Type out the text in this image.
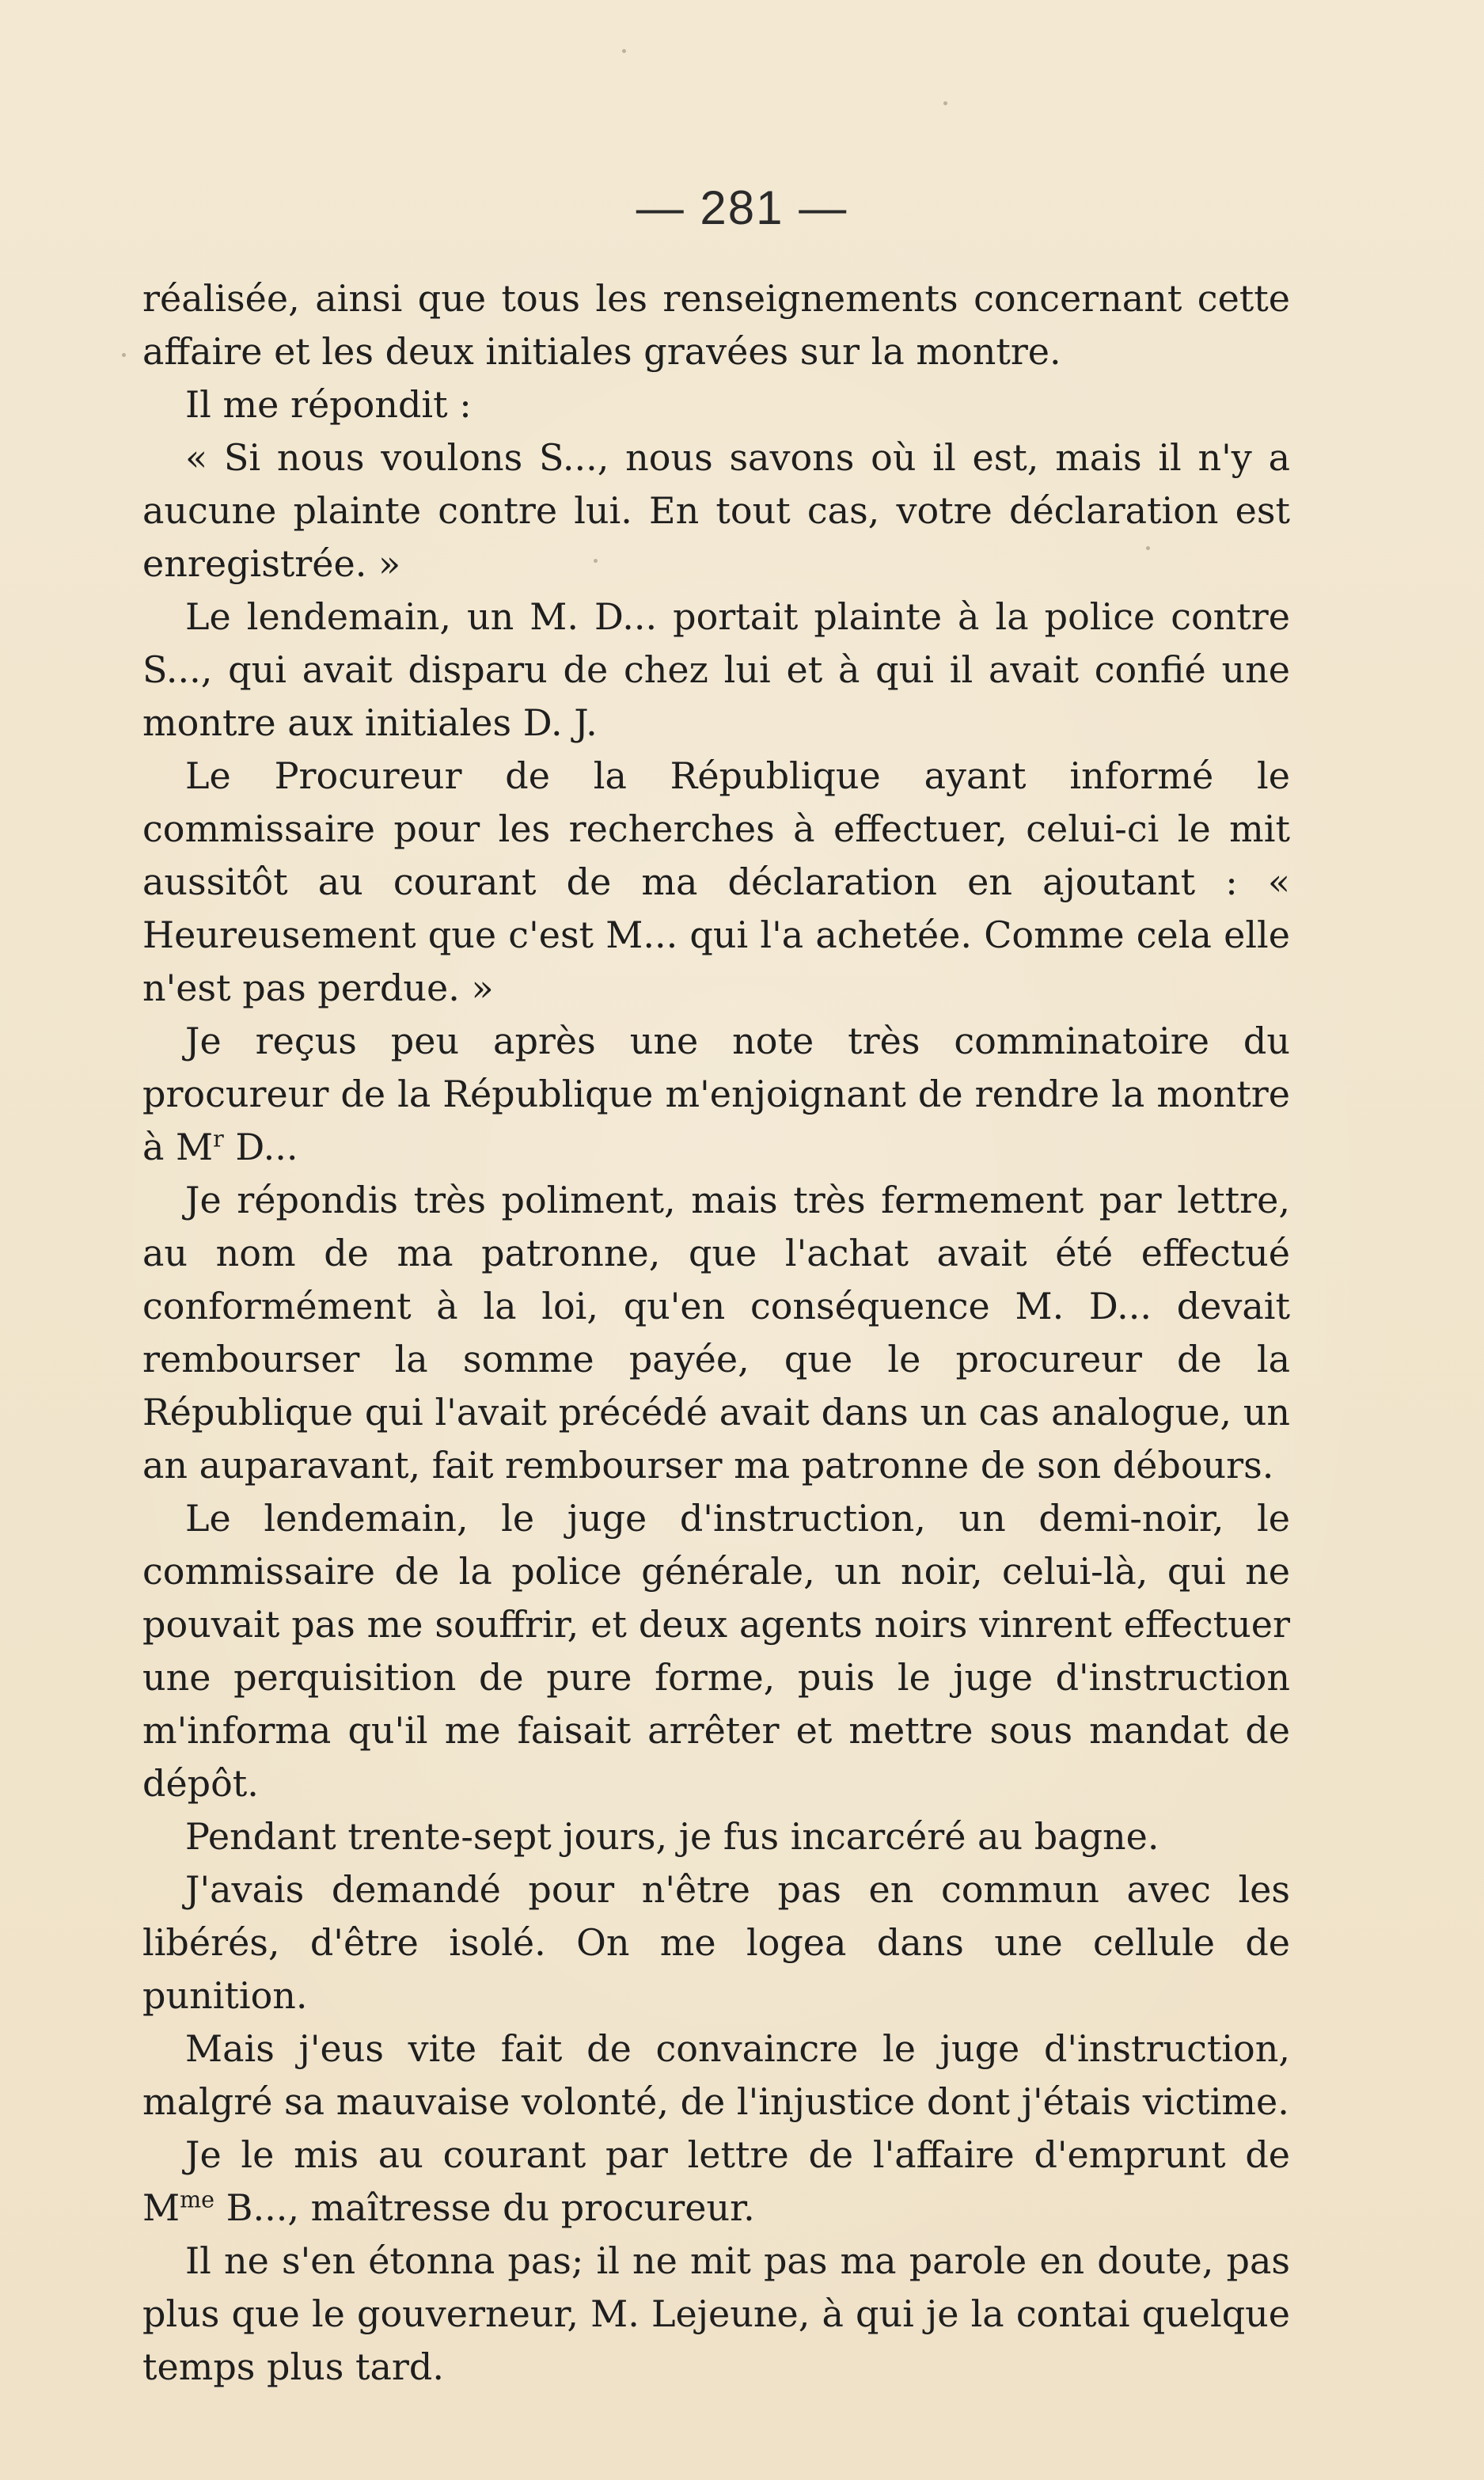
— 281 —

réalisée, ainsi que tous les renseignements concernant cette affaire et les deux initiales gravées sur la montre.

Il me répondit :

« Si nous voulons S..., nous savons où il est, mais il n'y a aucune plainte contre lui. En tout cas, votre déclaration est enregistrée. »

Le lendemain, un M. D... portait plainte à la police contre S..., qui avait disparu de chez lui et à qui il avait confié une montre aux initiales D. J.

Le Procureur de la République ayant informé le commissaire pour les recherches à effectuer, celui-ci le mit aussitôt au courant de ma déclaration en ajoutant : « Heureusement que c'est M... qui l'a achetée. Comme cela elle n'est pas perdue. »

Je reçus peu après une note très comminatoire du procureur de la République m'enjoignant de rendre la montre à $M^r$ D...

Je répondis très poliment, mais très fermement par lettre, au nom de ma patronne, que l'achat avait été effectué conformément à la loi, qu'en conséquence M. D... devait rembourser la somme payée, que le procureur de la République qui l'avait précédé avait dans un cas analogue, un an auparavant, fait rembourser ma patronne de son débours.

Le lendemain, le juge d'instruction, un demi-noir, le commissaire de la police générale, un noir, celui-là, qui ne pouvait pas me souffrir, et deux agents noirs vinrent effectuer une perquisition de pure forme, puis le juge d'instruction m'informa qu'il me faisait arrêter et mettre sous mandat de dépôt.

Pendant trente-sept jours, je fus incarcéré au bagne.

J'avais demandé pour n'être pas en commun avec les libérés, d'être isolé. On me logea dans une cellule de punition.

Mais j'eus vite fait de convaincre le juge d'instruction, malgré sa mauvaise volonté, de l'injustice dont j'étais victime.

Je le mis au courant par lettre de l'affaire d'emprunt de $M^{me}$ B..., maîtresse du procureur.

Il ne s'en étonna pas; il ne mit pas ma parole en doute, pas plus que le gouverneur, M. Lejeune, à qui je la contai quelque temps plus tard.
